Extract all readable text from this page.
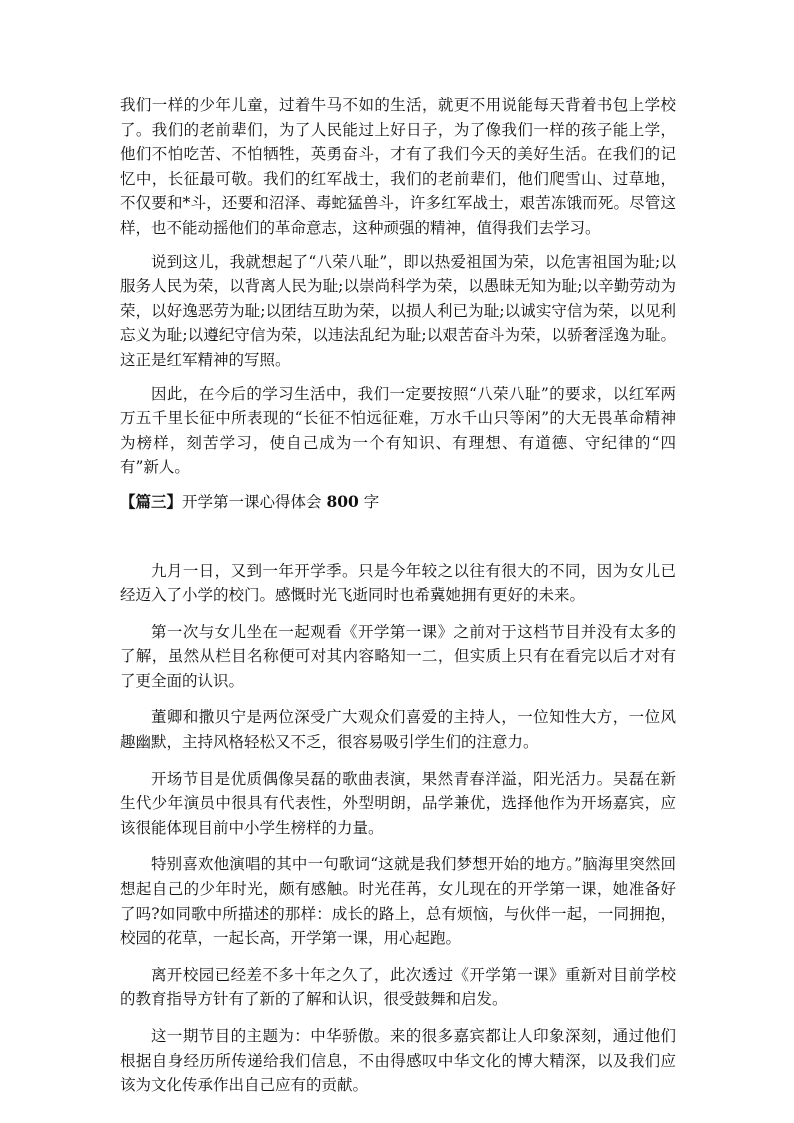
我们一样的少年儿童，过着牛马不如的生活，就更不用说能每天背着书包上学校了。我们的老前辈们，为了人民能过上好日子，为了像我们一样的孩子能上学，他们不怕吃苦、不怕牺牲，英勇奋斗，才有了我们今天的美好生活。在我们的记忆中，长征最可敬。我们的红军战士，我们的老前辈们，他们爬雪山、过草地，不仅要和*斗，还要和沼泽、毒蛇猛兽斗，许多红军战士，艰苦冻饿而死。尽管这样，也不能动摇他们的革命意志，这种顽强的精神，值得我们去学习。

说到这儿，我就想起了“八荣八耻”，即以热爱祖国为荣，以危害祖国为耻;以服务人民为荣，以背离人民为耻;以崇尚科学为荣，以愚昧无知为耻;以辛勤劳动为荣，以好逸恶劳为耻;以团结互助为荣，以损人利已为耻;以诚实守信为荣，以见利忘义为耻;以遵纪守信为荣，以违法乱纪为耻;以艰苦奋斗为荣，以骄奢淫逸为耻。这正是红军精神的写照。

因此，在今后的学习生活中，我们一定要按照“八荣八耻”的要求，以红军两万五千里长征中所表现的“长征不怕远征难，万水千山只等闲”的大无畏革命精神为榜样，刻苦学习，使自己成为一个有知识、有理想、有道德、守纪律的“四有”新人。

【篇三】开学第一课心得体会 800 字

九月一日，又到一年开学季。只是今年较之以往有很大的不同，因为女儿已经迈入了小学的校门。感慨时光飞逝同时也希冀她拥有更好的未来。

第一次与女儿坐在一起观看《开学第一课》之前对于这档节目并没有太多的了解，虽然从栏目名称便可对其内容略知一二，但实质上只有在看完以后才对有了更全面的认识。

董卿和撒贝宁是两位深受广大观众们喜爱的主持人，一位知性大方，一位风趣幽默，主持风格轻松又不乏，很容易吸引学生们的注意力。

开场节目是优质偶像吴磊的歌曲表演，果然青春洋溢，阳光活力。吴磊在新生代少年演员中很具有代表性，外型明朗，品学兼优，选择他作为开场嘉宾，应该很能体现目前中小学生榜样的力量。

特别喜欢他演唱的其中一句歌词“这就是我们梦想开始的地方。”脑海里突然回想起自己的少年时光，颇有感触。时光荏苒，女儿现在的开学第一课，她准备好了吗?如同歌中所描述的那样：成长的路上，总有烦恼，与伙伴一起，一同拥抱，校园的花草，一起长高，开学第一课，用心起跑。

离开校园已经差不多十年之久了，此次透过《开学第一课》重新对目前学校的教育指导方针有了新的了解和认识，很受鼓舞和启发。

这一期节目的主题为：中华骄傲。来的很多嘉宾都让人印象深刻，通过他们根据自身经历所传递给我们信息，不由得感叹中华文化的博大精深，以及我们应该为文化传承作出自己应有的贡献。
